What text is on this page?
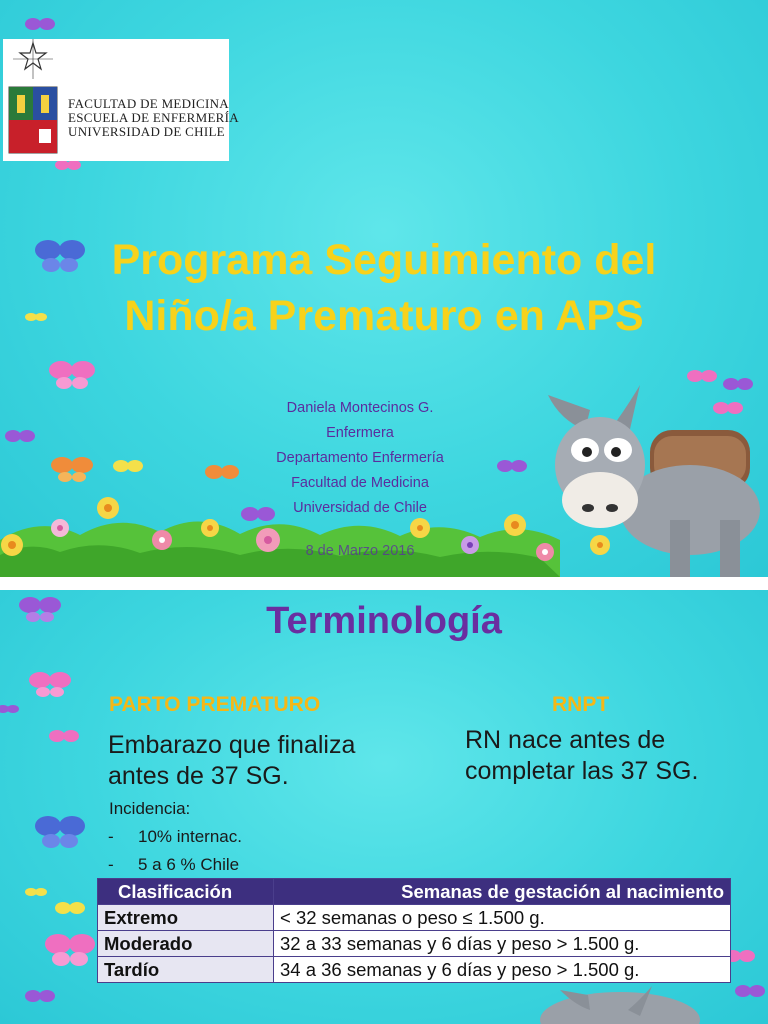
FACULTAD DE MEDICINA
ESCUELA DE ENFERMERÍA
UNIVERSIDAD DE CHILE
Programa Seguimiento del
Niño/a Prematuro en APS
Daniela Montecinos G.
Enfermera
Departamento Enfermería
Facultad de Medicina
Universidad de Chile
8 de Marzo 2016
Terminología
PARTO PREMATURO
Embarazo que finaliza
antes de 37 SG.
Incidencia:
- 10% internac.
- 5 a 6 % Chile
RNPT
RN nace antes de
completar las 37 SG.
Clasificación	Semanas de gestación al nacimiento
Extremo	< 32 semanas o peso ≤ 1.500 g.
Moderado	32 a 33 semanas y 6 días y peso > 1.500 g.
Tardío	34 a 36 semanas y 6 días y peso > 1.500 g.
